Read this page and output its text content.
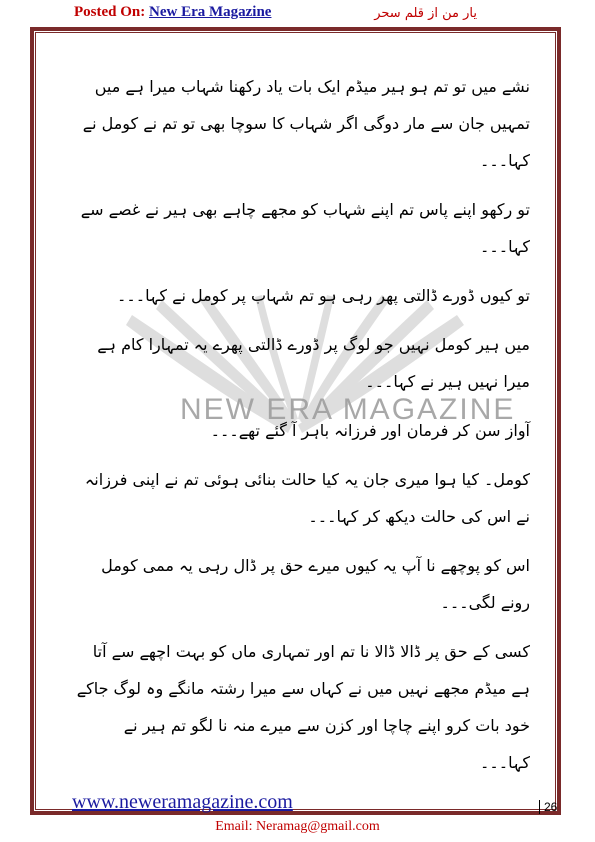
Posted On: New Era Magazine	یار من از قلم سحر
NEW ERA MAGAZINE

نشے میں تو تم ہو ہیر میڈم ایک بات یاد رکھنا شہاب میرا ہے میں تمہیں جان سے مار دوگی اگر شہاب کا سوچا بھی تو تم نے کومل نے کہا۔۔۔

تو رکھو اپنے پاس تم اپنے شہاب کو مجھے چاہے بھی ہیر نے غصے سے کہا۔۔۔

تو کیوں ڈورے ڈالتی پھر رہی ہو تم شہاب پر کومل نے کہا۔۔۔

میں ہیر کومل نہیں جو لوگ پر ڈورے ڈالتی پھرے یہ تمہارا کام ہے میرا نہیں ہیر نے کہا۔۔۔

آواز سن کر فرمان اور فرزانہ باہر آ گئے تھے۔۔۔

کومل۔ کیا ہوا میری جان یہ کیا حالت بنائی ہوئی تم نے اپنی فرزانہ نے اس کی حالت دیکھ کر کہا۔۔۔

اس کو پوچھے نا آپ یہ کیوں میرے حق پر ڈال رہی یہ ممی کومل رونے لگی۔۔۔

کسی کے حق پر ڈالا ڈالا نا تم اور تمہاری ماں کو بہت اچھے سے آتا ہے میڈم مجھے نہیں میں نے کہاں سے میرا رشتہ مانگے وہ لوگ جاکے خود بات کرو اپنے چاچا اور کزن سے میرے منہ نا لگو تم ہیر نے کہا۔۔۔

www.neweramagazine.com	26
Email: Neramag@gmail.com
